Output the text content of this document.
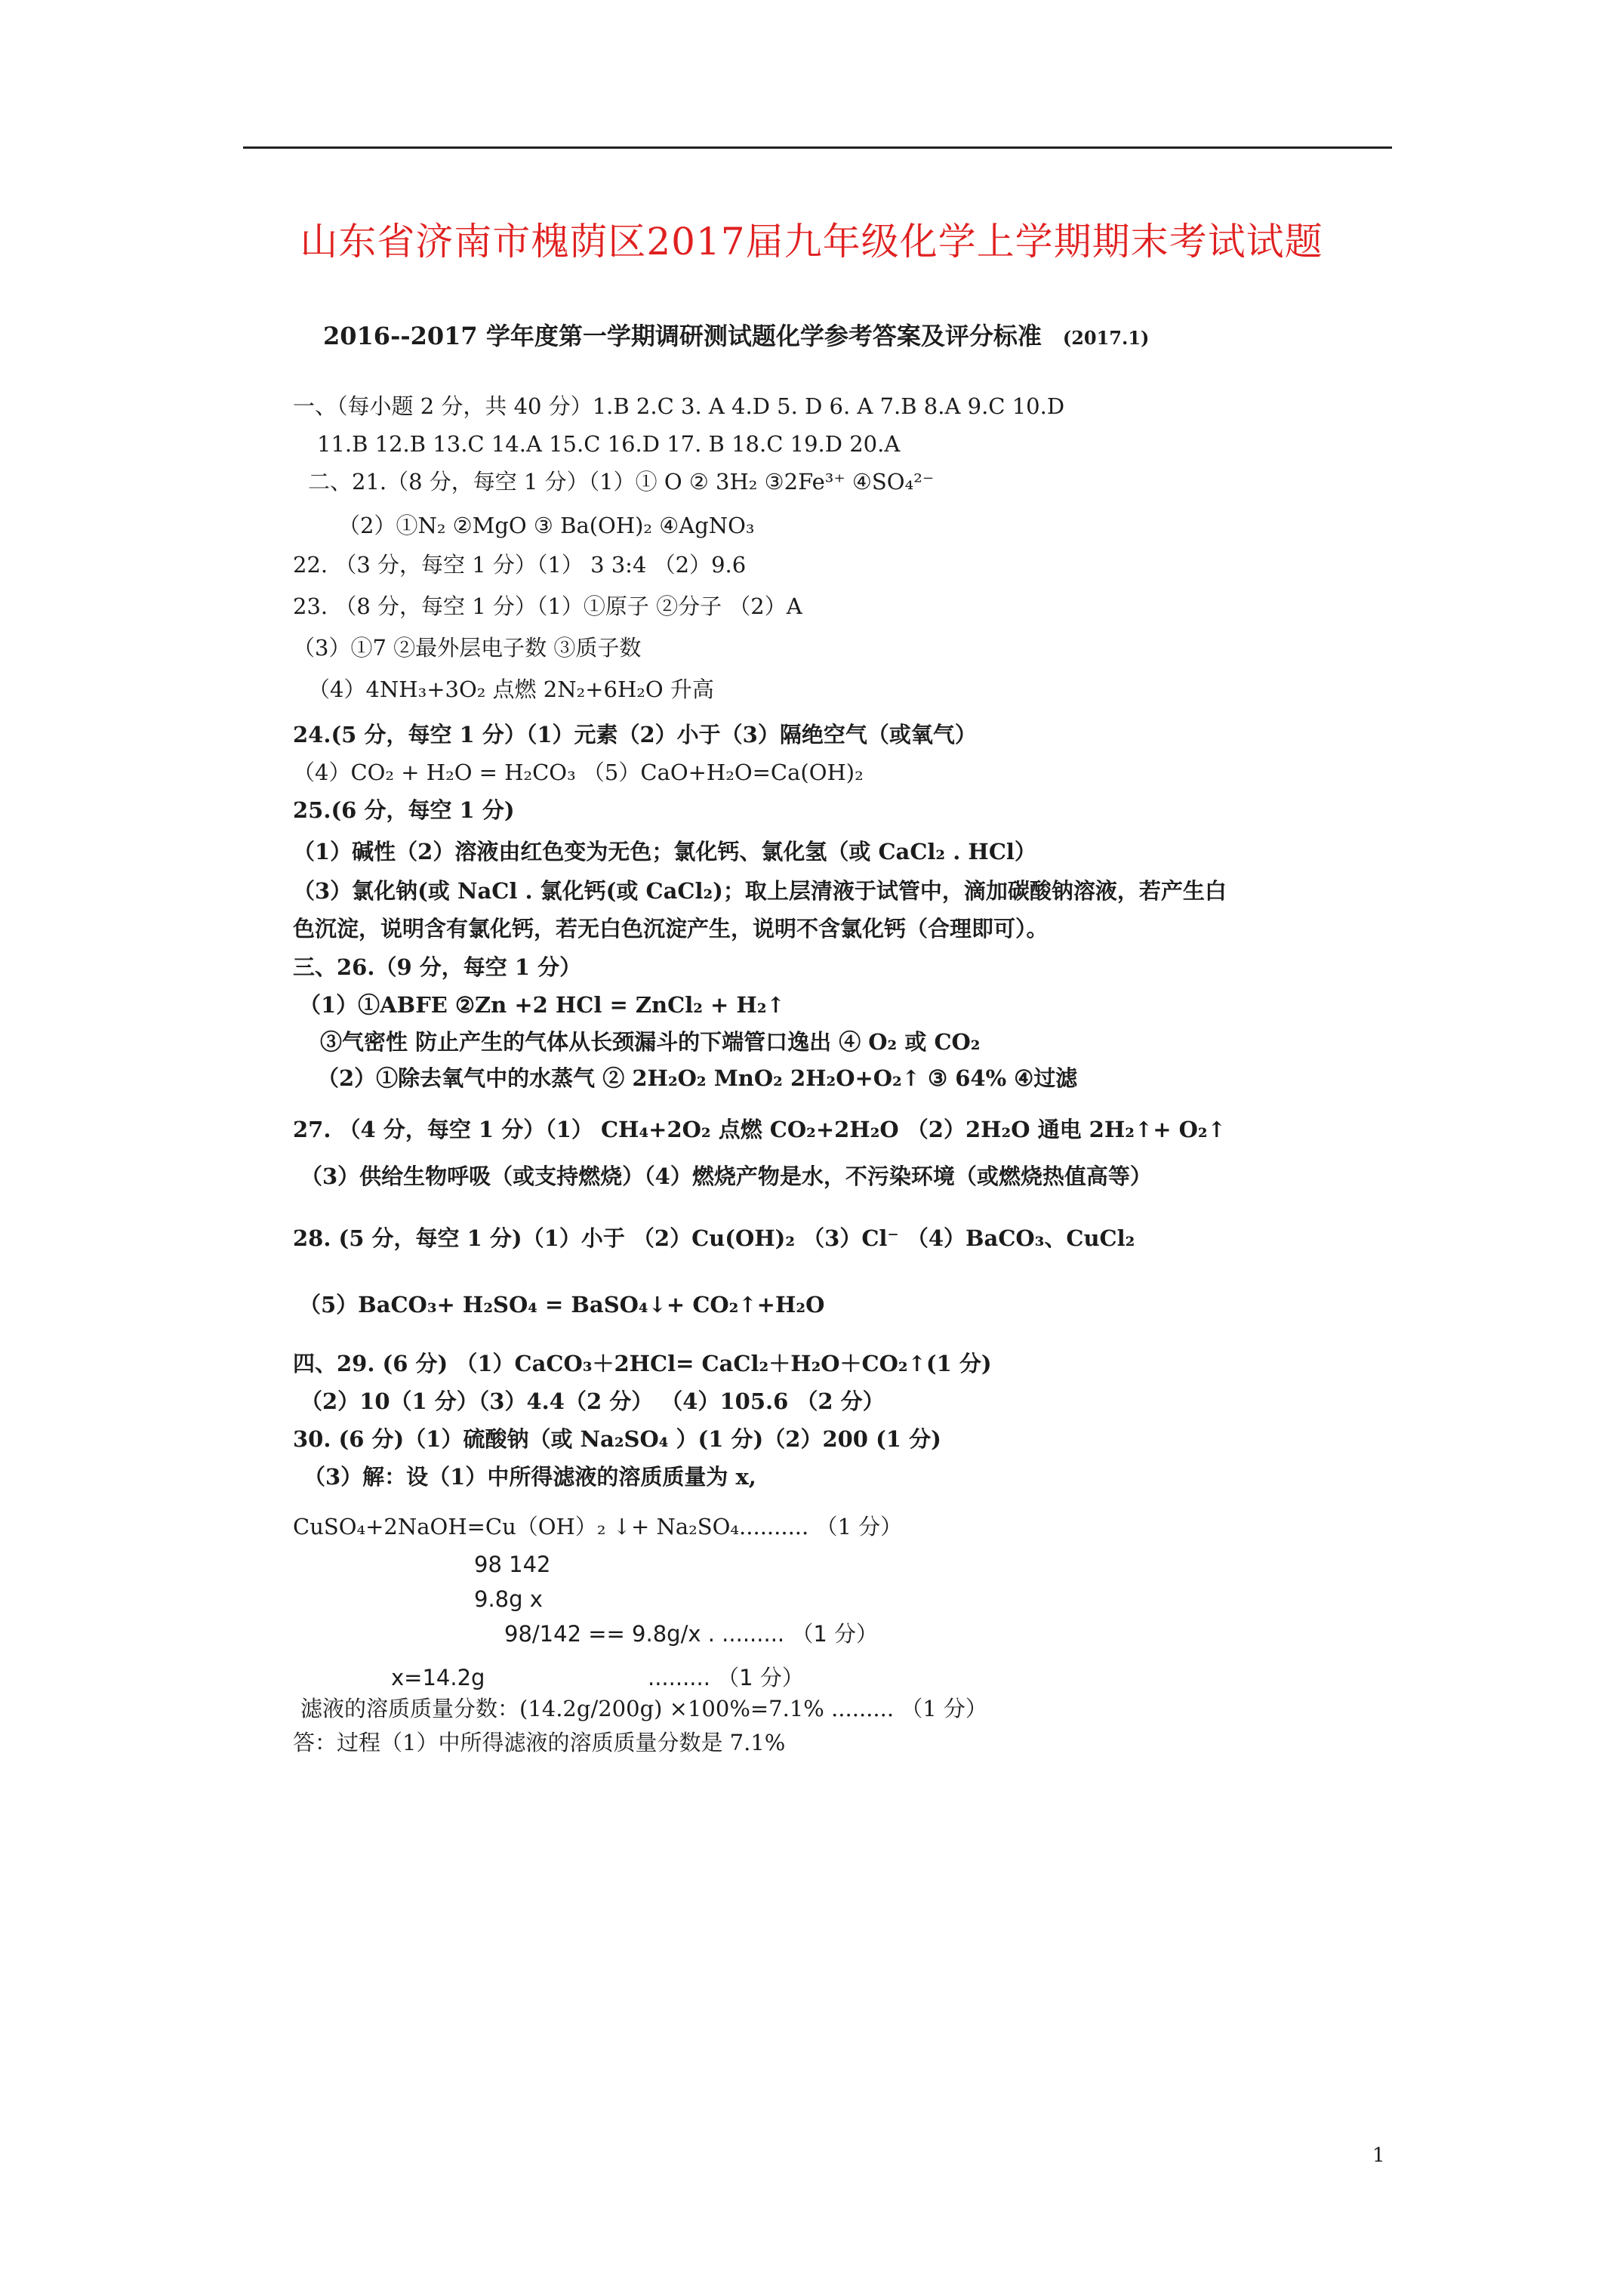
山东省济南市槐荫区2017届九年级化学上学期期末考试试题
2016--2017 学年度第一学期调研测试题化学参考答案及评分标准 (2017.1)
一、（每小题 2 分，共 40 分）1.B 2.C 3. A 4.D 5. D 6. A 7.B 8.A 9.C 10.D
11.B 12.B 13.C 14.A 15.C 16.D 17. B 18.C 19.D 20.A
二、21.（8 分，每空 1 分）（1）① O ② 3H₂ ③2Fe³⁺ ④SO₄²⁻
（2）①N₂ ②MgO ③ Ba(OH)₂ ④AgNO₃
22. （3 分，每空 1 分）（1） 3 3:4 （2）9.6
23. （8 分，每空 1 分）（1）①原子 ②分子 （2）A
（3）①7 ②最外层电子数 ③质子数
（4）4NH₃+3O₂ 点燃 2N₂+6H₂O 升高
24.(5 分，每空 1 分）（1）元素（2）小于（3）隔绝空气（或氧气）
（4）CO₂ + H₂O = H₂CO₃ （5）CaO+H₂O=Ca(OH)₂
25.(6 分，每空 1 分)
（1）碱性（2）溶液由红色变为无色；氯化钙、氯化氢（或 CaCl₂ . HCl）
（3）氯化钠(或 NaCl . 氯化钙(或 CaCl₂)；取上层清液于试管中，滴加碳酸钠溶液，若产生白
色沉淀，说明含有氯化钙，若无白色沉淀产生，说明不含氯化钙（合理即可）。
三、26.（9 分，每空 1 分）
（1）①ABFE ②Zn +2 HCl = ZnCl₂ + H₂↑
③气密性 防止产生的气体从长颈漏斗的下端管口逸出 ④ O₂ 或 CO₂
（2）①除去氧气中的水蒸气 ② 2H₂O₂ MnO₂ 2H₂O+O₂↑ ③ 64% ④过滤
27. （4 分，每空 1 分）（1） CH₄+2O₂ 点燃 CO₂+2H₂O （2）2H₂O 通电 2H₂↑+ O₂↑
（3）供给生物呼吸（或支持燃烧）（4）燃烧产物是水，不污染环境（或燃烧热值高等）
28. (5 分，每空 1 分)（1）小于 （2）Cu(OH)₂ （3）Cl⁻ （4）BaCO₃、CuCl₂
（5）BaCO₃+ H₂SO₄ = BaSO₄↓+ CO₂↑+H₂O
四、29. (6 分) （1）CaCO₃＋2HCl= CaCl₂＋H₂O＋CO₂↑(1 分)
（2）10（1 分）（3）4.4（2 分） （4）105.6 （2 分）
30. (6 分)（1）硫酸钠（或 Na₂SO₄ ）(1 分)（2）200 (1 分)
（3）解：设（1）中所得滤液的溶质质量为 x,
CuSO₄+2NaOH=Cu（OH）₂ ↓+ Na₂SO₄.......... （1 分）
98 142
9.8g x
98/142 == 9.8g/x . ......... （1 分）
x=14.2g	......... （1 分）
滤液的溶质质量分数：(14.2g/200g) ×100%=7.1% ......... （1 分）
答：过程（1）中所得滤液的溶质质量分数是 7.1%
1
